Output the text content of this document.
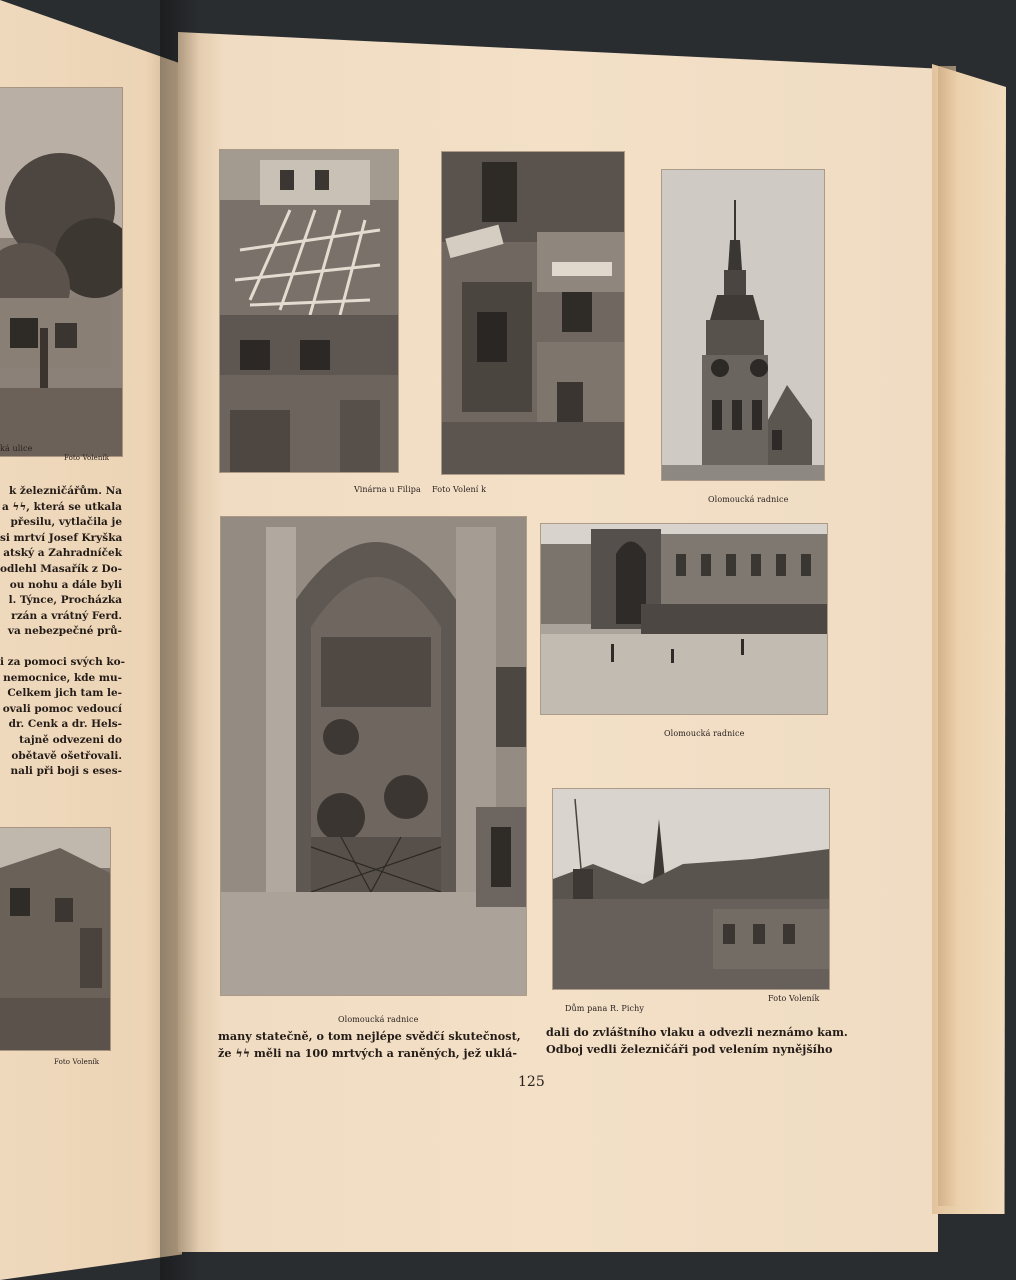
ká ulice
Foto Voleník
k železničářům. Na
a ϟϟ, která se utkala
přesilu, vytlačila je
si mrtví Josef Kryška
atský a Zahradníček
odlehl Masařík z Do-
ou nohu a dále byli
l. Týnce, Procházka
rzán a vrátný Ferd.
va nebezpečné prů-
i za pomoci svých ko-
nemocnice, kde mu-
Celkem jich tam le-
ovali pomoc vedoucí
dr. Cenk a dr. Hels-
tajně odvezeni do
obětavě ošetřovali.
nali při boji s eses-
Foto Voleník
Vinárna u Filipa Foto Volení k
Olomoucká radnice
Olomoucká radnice
Olomoucká radnice
Dům pana R. Pichy
Foto Voleník
many statečně, o tom nejlépe svědčí skutečnost,
že ϟϟ měli na 100 mrtvých a raněných, jež uklá-
dali do zvláštního vlaku a odvezli neznámo kam.
Odboj vedli železničáři pod velením nynějšího
125
